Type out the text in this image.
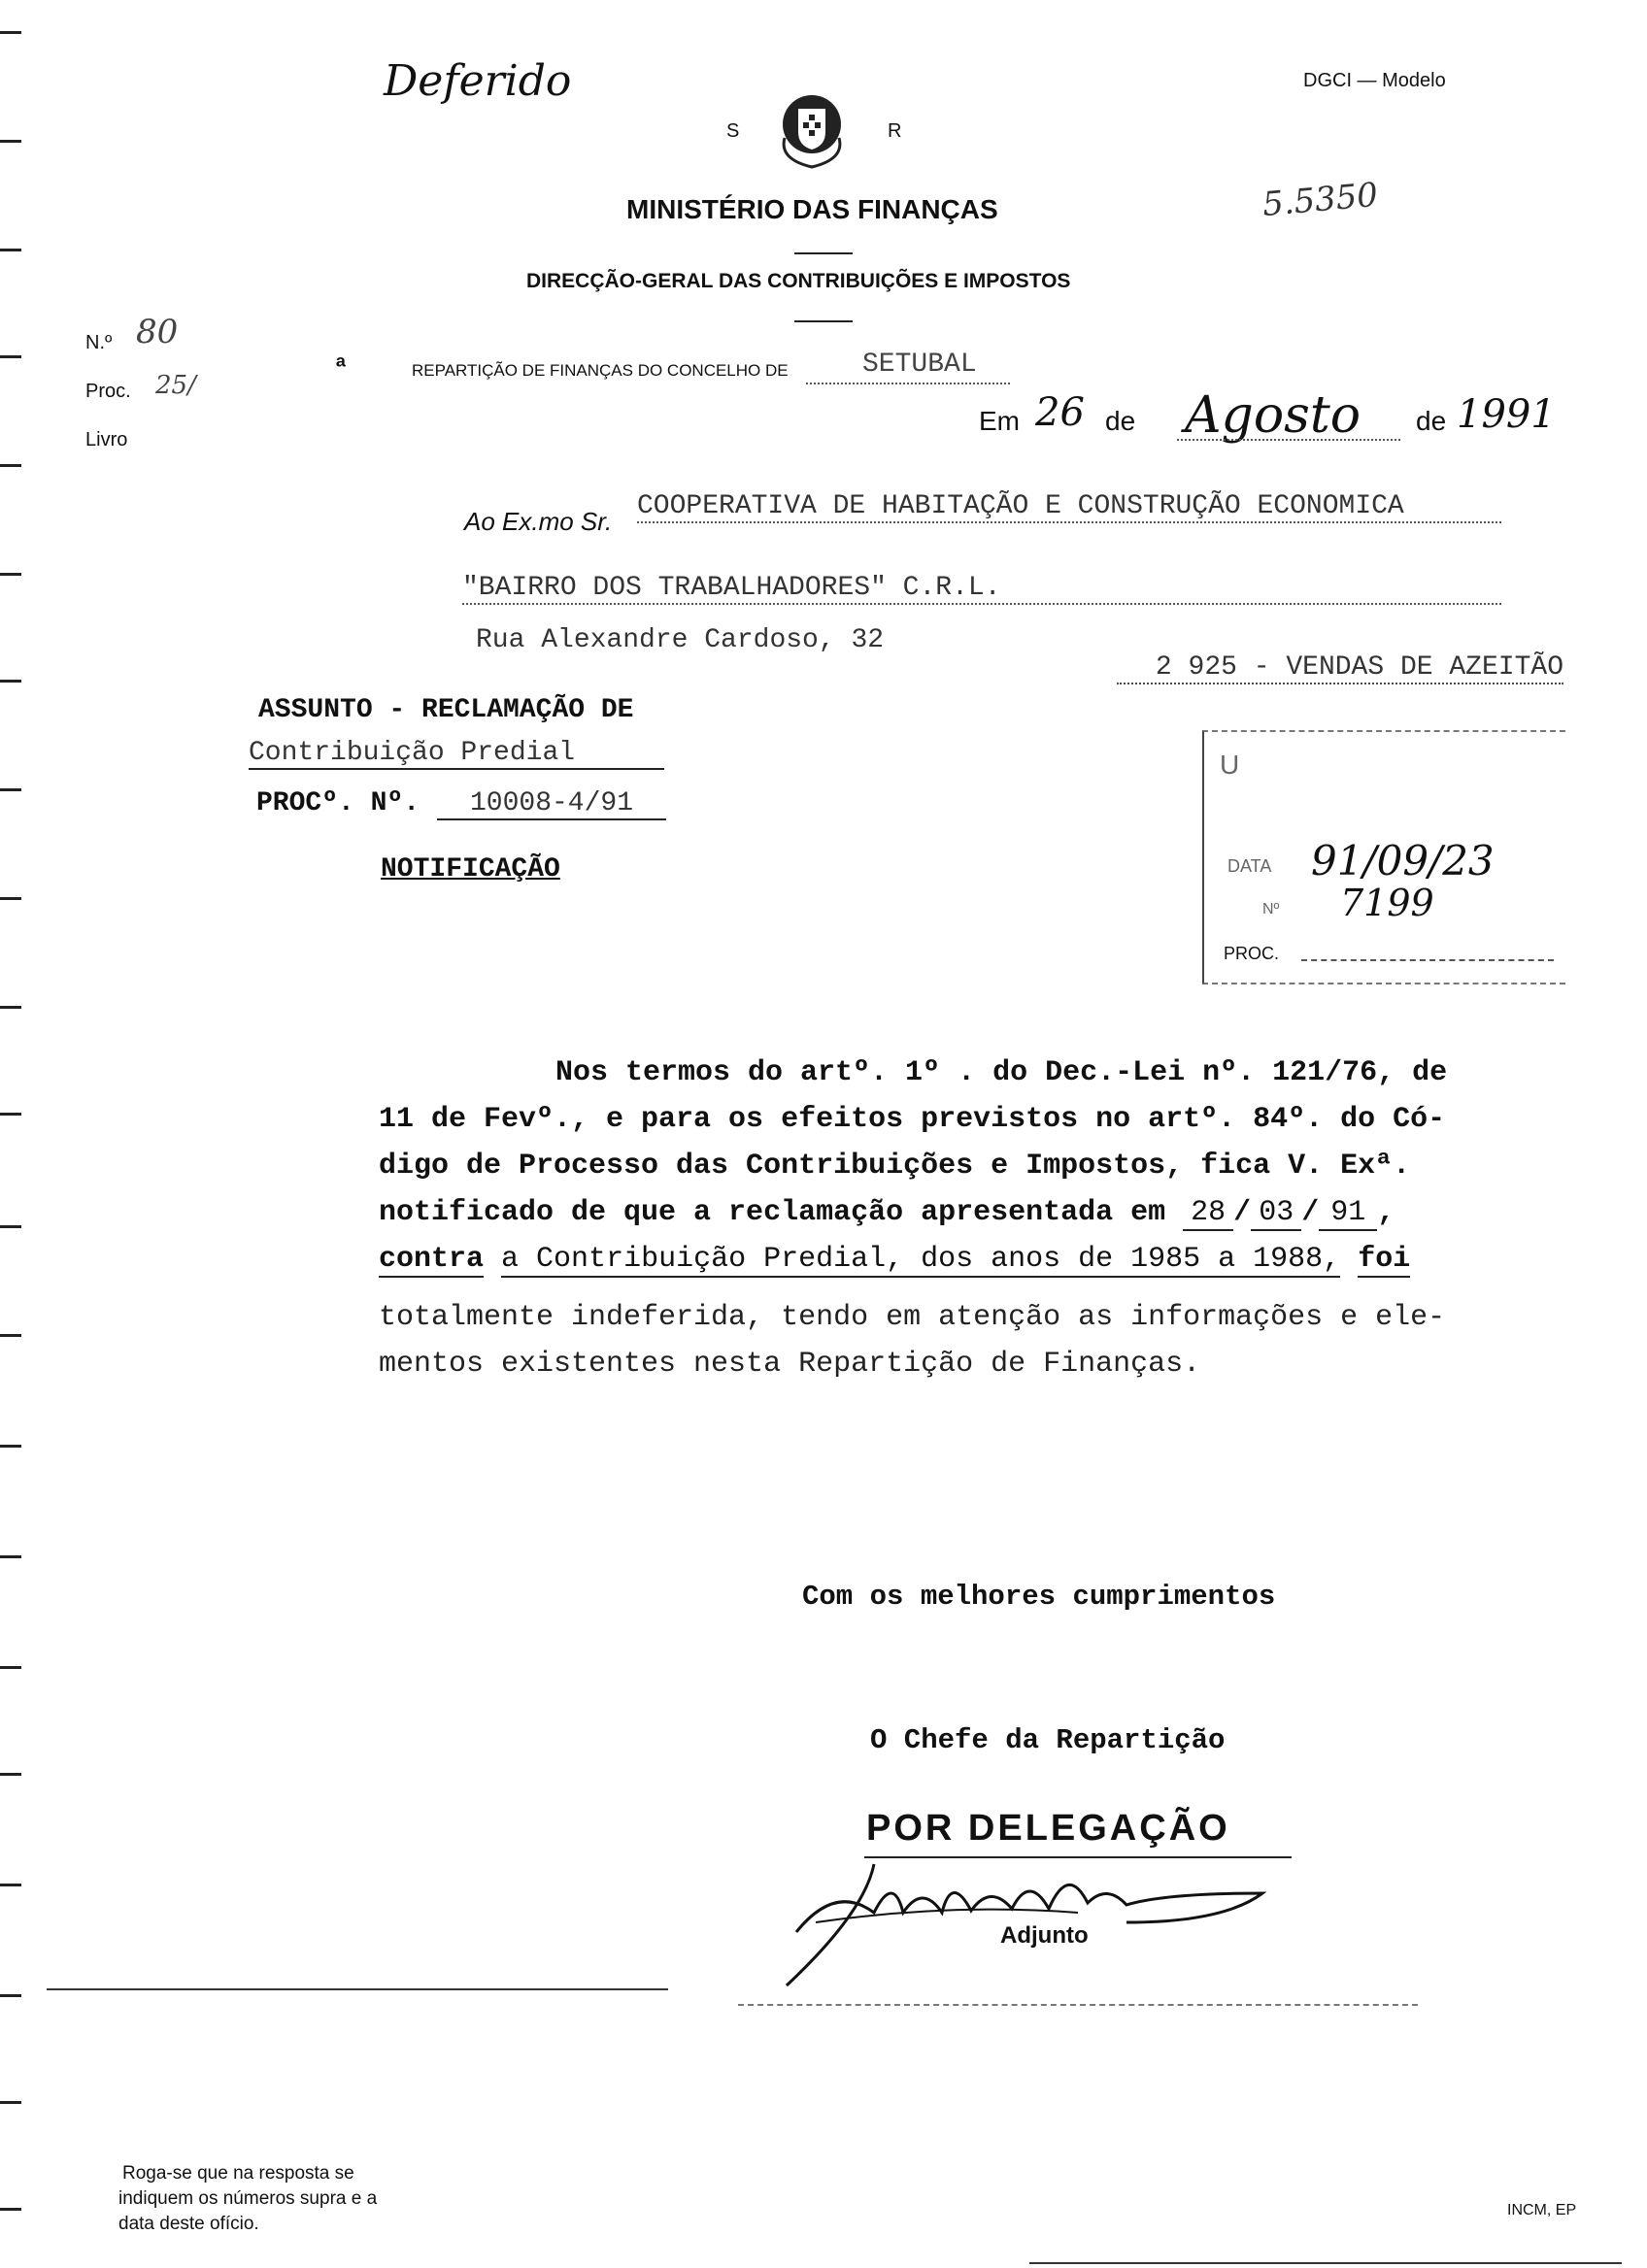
Deferido	DGCI — Modelo
5.5350
S	R
MINISTÉRIO DAS FINANÇAS
DIRECÇÃO-GERAL DAS CONTRIBUIÇÕES E IMPOSTOS
N.º 80
Proc. 25/
Livro
ª	REPARTIÇÃO DE FINANÇAS DO CONCELHO DE	SETUBAL
Em 26 de Agosto de 1991
Ao Ex.mo Sr. COOPERATIVA DE HABITAÇÃO E CONSTRUÇÃO ECONOMICA
"BAIRRO DOS TRABALHADORES" C.R.L.
Rua Alexandre Cardoso, 32
2 925 - VENDAS DE AZEITÃO
ASSUNTO - RECLAMAÇÃO DE
Contribuição Predial
PROCº. Nº.	10008-4/91
NOTIFICAÇÃO
U
DATA 91/09/23
Nº 7199
PROC.
Nos termos do artº. 1º . do Dec.-Lei nº. 121/76, de
11 de Fevº., e para os efeitos previstos no artº. 84º. do Có-
digo de Processo das Contribuições e Impostos, fica V. Exª.
notificado de que a reclamação apresentada em 28 / 03 / 91 ,
contra a Contribuição Predial, dos anos de 1985 a 1988, foi
totalmente indeferida, tendo em atenção as informações e ele-
mentos existentes nesta Repartição de Finanças.
Com os melhores cumprimentos
O Chefe da Repartição
POR DELEGAÇÃO
Adjunto
Roga-se que na resposta se
indiquem os números supra e a
data deste ofício.
INCM, EP
